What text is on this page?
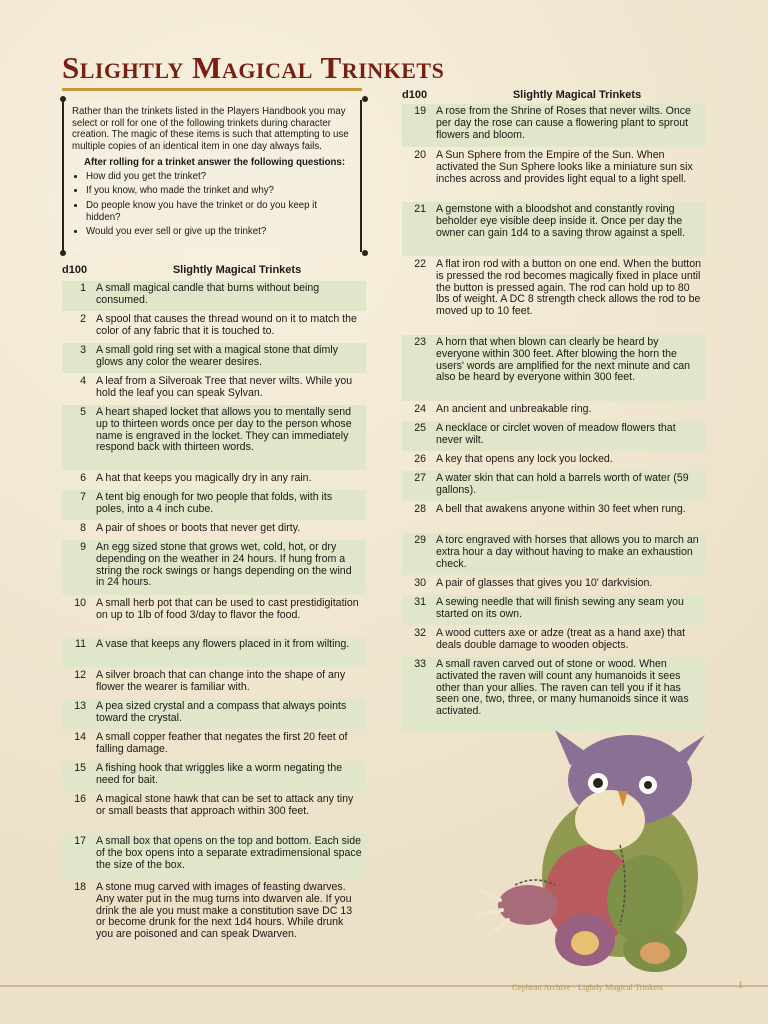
Slightly Magical Trinkets

Rather than the trinkets listed in the Players Handbook you may select or roll for one of the following trinkets during character creation. The magic of these items is such that attempting to use multiple copies of an identical item in one day always fails.

After rolling for a trinket answer the following questions:

• How did you get the trinket?
• If you know, who made the trinket and why?
• Do people know you have the trinket or do you keep it hidden?
• Would you ever sell or give up the trinket?
d100	Slightly Magical Trinkets
1 A small magical candle that burns without being consumed.
2 A spool that causes the thread wound on it to match the color of any fabric that it is touched to.
3 A small gold ring set with a magical stone that dimly glows any color the wearer desires.
4 A leaf from a Silveroak Tree that never wilts. While you hold the leaf you can speak Sylvan.
5 A heart shaped locket that allows you to mentally send up to thirteen words once per day to the person whose name is engraved in the locket. They can immediately respond back with thirteen words.
6 A hat that keeps you magically dry in any rain.
7 A tent big enough for two people that folds, with its poles, into a 4 inch cube.
8 A pair of shoes or boots that never get dirty.
9 An egg sized stone that grows wet, cold, hot, or dry depending on the weather in 24 hours. If hung from a string the rock swings or hangs depending on the wind in 24 hours.
10 A small herb pot that can be used to cast prestidigitation on up to 1lb of food 3/day to flavor the food.
11 A vase that keeps any flowers placed in it from wilting.
12 A silver broach that can change into the shape of any flower the wearer is familiar with.
13 A pea sized crystal and a compass that always points toward the crystal.
14 A small copper feather that negates the first 20 feet of falling damage.
15 A fishing hook that wriggles like a worm negating the need for bait.
16 A magical stone hawk that can be set to attack any tiny or small beasts that approach within 300 feet.
17 A small box that opens on the top and bottom. Each side of the box opens into a separate extradimensional space the size of the box.
18 A stone mug carved with images of feasting dwarves. Any water put in the mug turns into dwarven ale. If you drink the ale you must make a constitution save DC 13 or become drunk for the next 1d4 hours. While drunk you are poisoned and can speak Dwarven.
d100	Slightly Magical Trinkets
19 A rose from the Shrine of Roses that never wilts. Once per day the rose can cause a flowering plant to sprout flowers and bloom.
20 A Sun Sphere from the Empire of the Sun. When activated the Sun Sphere looks like a miniature sun six inches across and provides light equal to a light spell.
21 A gemstone with a bloodshot and constantly roving beholder eye visible deep inside it. Once per day the owner can gain 1d4 to a saving throw against a spell.
22 A flat iron rod with a button on one end. When the button is pressed the rod becomes magically fixed in place until the button is pressed again. The rod can hold up to 80 lbs of weight. A DC 8 strength check allows the rod to be moved up to 10 feet.
23 A horn that when blown can clearly be heard by everyone within 300 feet. After blowing the horn the users' words are amplified for the next minute and can also be heard by everyone within 300 feet.
24 An ancient and unbreakable ring.
25 A necklace or circlet woven of meadow flowers that never wilt.
26 A key that opens any lock you locked.
27 A water skin that can hold a barrels worth of water (59 gallons).
28 A bell that awakens anyone within 30 feet when rung.
29 A torc engraved with horses that allows you to march an extra hour a day without having to make an exhaustion check.
30 A pair of glasses that gives you 10' darkvision.
31 A sewing needle that will finish sewing any seam you started on its own.
32 A wood cutters axe or adze (treat as a hand axe) that deals double damage to wooden objects.
33 A small raven carved out of stone or wood. When activated the raven will count any humanoids it sees other than your allies. The raven can tell you if it has seen one, two, three, or many humanoids since it was activated.
Cephean Archive - Lightly Magical Trinkets	1
